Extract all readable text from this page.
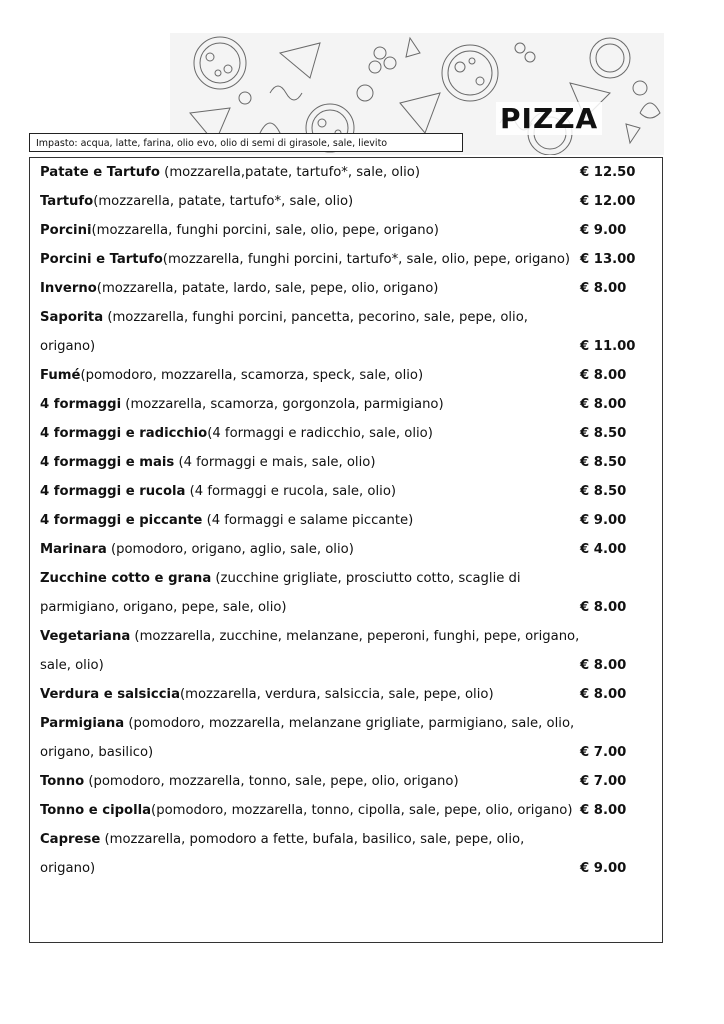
PIZZA
Impasto: acqua, latte, farina, olio evo, olio di semi di girasole, sale, lievito
Patate e Tartufo (mozzarella,patate, tartufo*, sale, olio)	€ 12.50
Tartufo(mozzarella, patate, tartufo*, sale, olio)	€ 12.00
Porcini(mozzarella, funghi porcini, sale, olio, pepe, origano)	€ 9.00
Porcini e Tartufo(mozzarella, funghi porcini, tartufo*, sale, olio, pepe, origano) € 13.00
Inverno(mozzarella, patate, lardo, sale, pepe, olio, origano)	€ 8.00
Saporita (mozzarella, funghi porcini, pancetta, pecorino, sale, pepe, olio, origano)	€ 11.00
Fumé(pomodoro, mozzarella, scamorza, speck, sale, olio)	€ 8.00
4 formaggi (mozzarella, scamorza, gorgonzola, parmigiano)	€ 8.00
4 formaggi e radicchio(4 formaggi e radicchio, sale, olio)	€ 8.50
4 formaggi e mais (4 formaggi e mais, sale, olio)	€ 8.50
4 formaggi e rucola (4 formaggi e rucola, sale, olio)	€ 8.50
4 formaggi e piccante (4 formaggi e salame piccante)	€ 9.00
Marinara (pomodoro, origano, aglio, sale, olio)	€ 4.00
Zucchine cotto e grana (zucchine grigliate, prosciutto cotto, scaglie di parmigiano, origano, pepe, sale, olio)	€ 8.00
Vegetariana (mozzarella, zucchine, melanzane, peperoni, funghi, pepe, origano, sale, olio)	€ 8.00
Verdura e salsiccia(mozzarella, verdura, salsiccia, sale, pepe, olio)	€ 8.00
Parmigiana (pomodoro, mozzarella, melanzane grigliate, parmigiano, sale, olio, origano, basilico)	€ 7.00
Tonno (pomodoro, mozzarella, tonno, sale, pepe, olio, origano)	€ 7.00
Tonno e cipolla(pomodoro, mozzarella, tonno, cipolla, sale, pepe, olio, origano) € 8.00
Caprese (mozzarella, pomodoro a fette, bufala, basilico, sale, pepe, olio, origano)	€ 9.00
